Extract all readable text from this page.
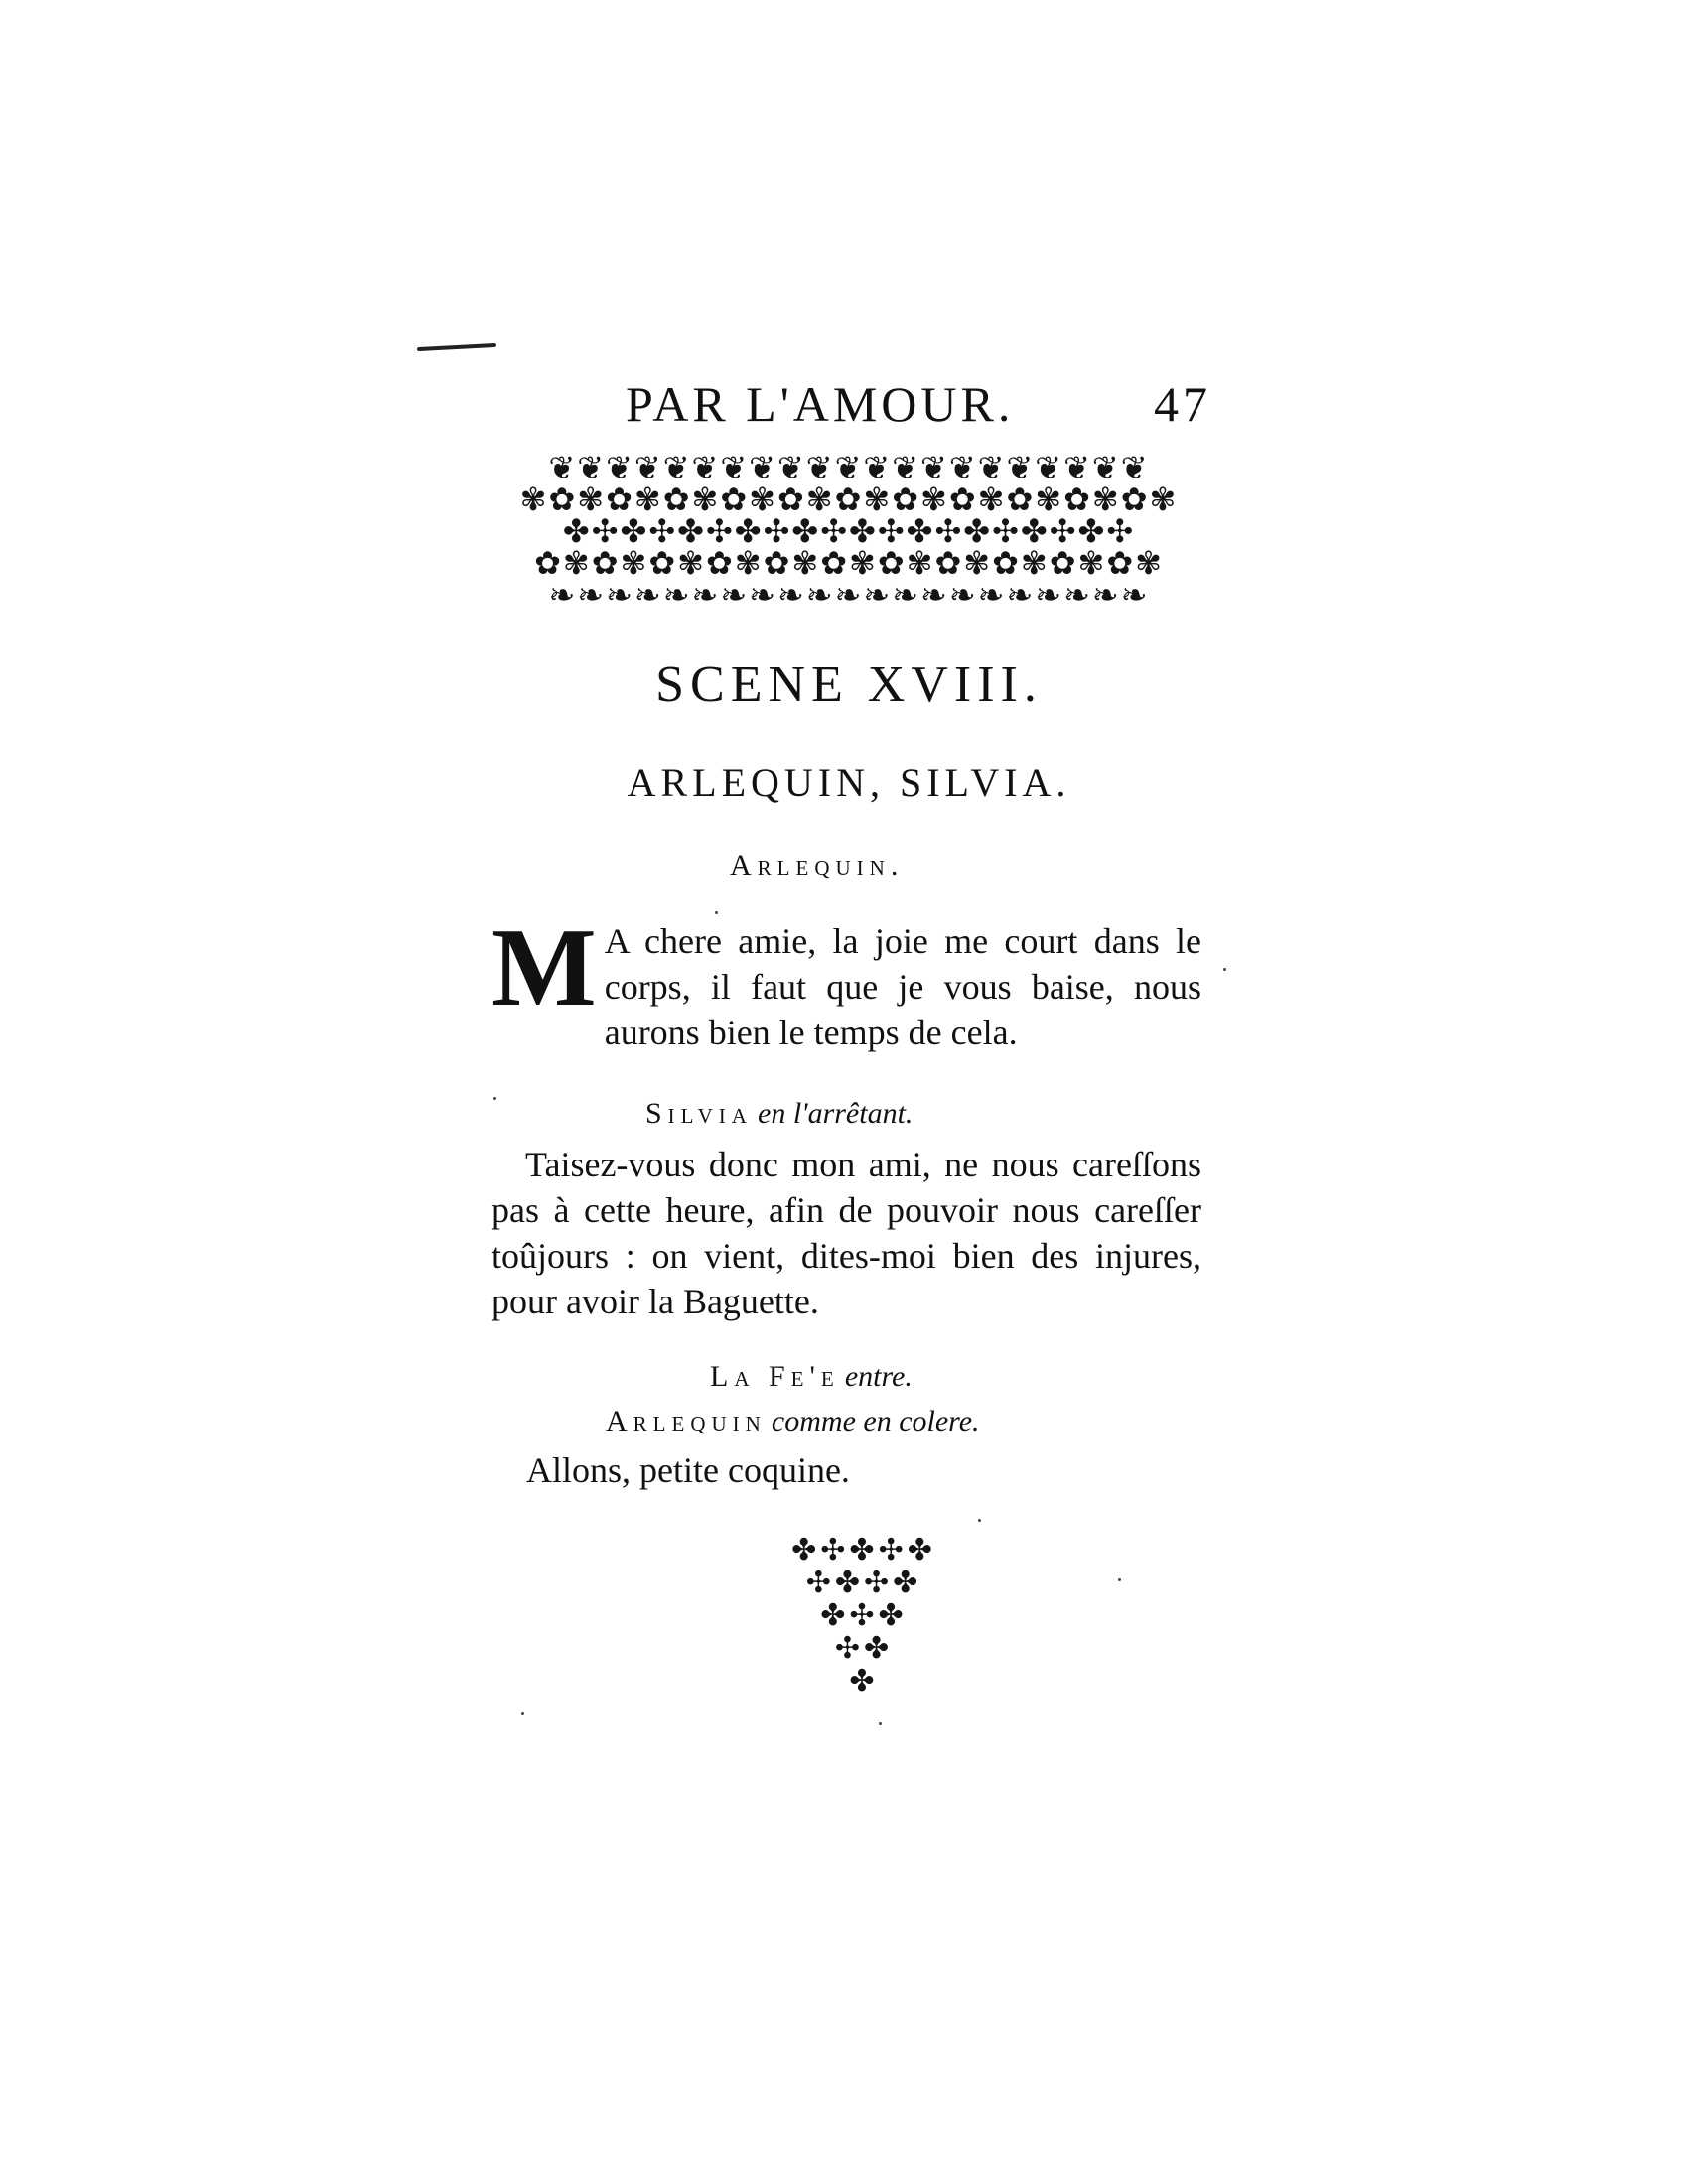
PAR L'AMOUR.	47
❦❦❦❦❦❦❦❦❦❦❦❦❦❦❦❦❦❦❦❦❦
✾✿✾✿✾✿✾✿✾✿✾✿✾✿✾✿✾✿✾✿✾✿✾
✤✣✤✣✤✣✤✣✤✣✤✣✤✣✤✣✤✣✤✣
✿✾✿✾✿✾✿✾✿✾✿✾✿✾✿✾✿✾✿✾✿✾
❧❧❧❧❧❧❧❧❧❧❧❧❧❧❧❧❧❧❧❧❧
SCENE XVIII.
ARLEQUIN, SILVIA.
Arlequin.
M A chere amie, la joie me court dans le corps, il faut que je vous baise, nous aurons bien le temps de cela.
Silvia en l'arrêtant.
Taisez-vous donc mon ami, ne nous careſſons pas à cette heure, afin de pouvoir nous careſſer toûjours : on vient, dites-moi bien des injures, pour avoir la Baguette.
La Fe'e entre.
Arlequin comme en colere.
Allons, petite coquine.
✤✣✤✣✤
✣✤✣✤
✤✣✤
✣✤
✤
